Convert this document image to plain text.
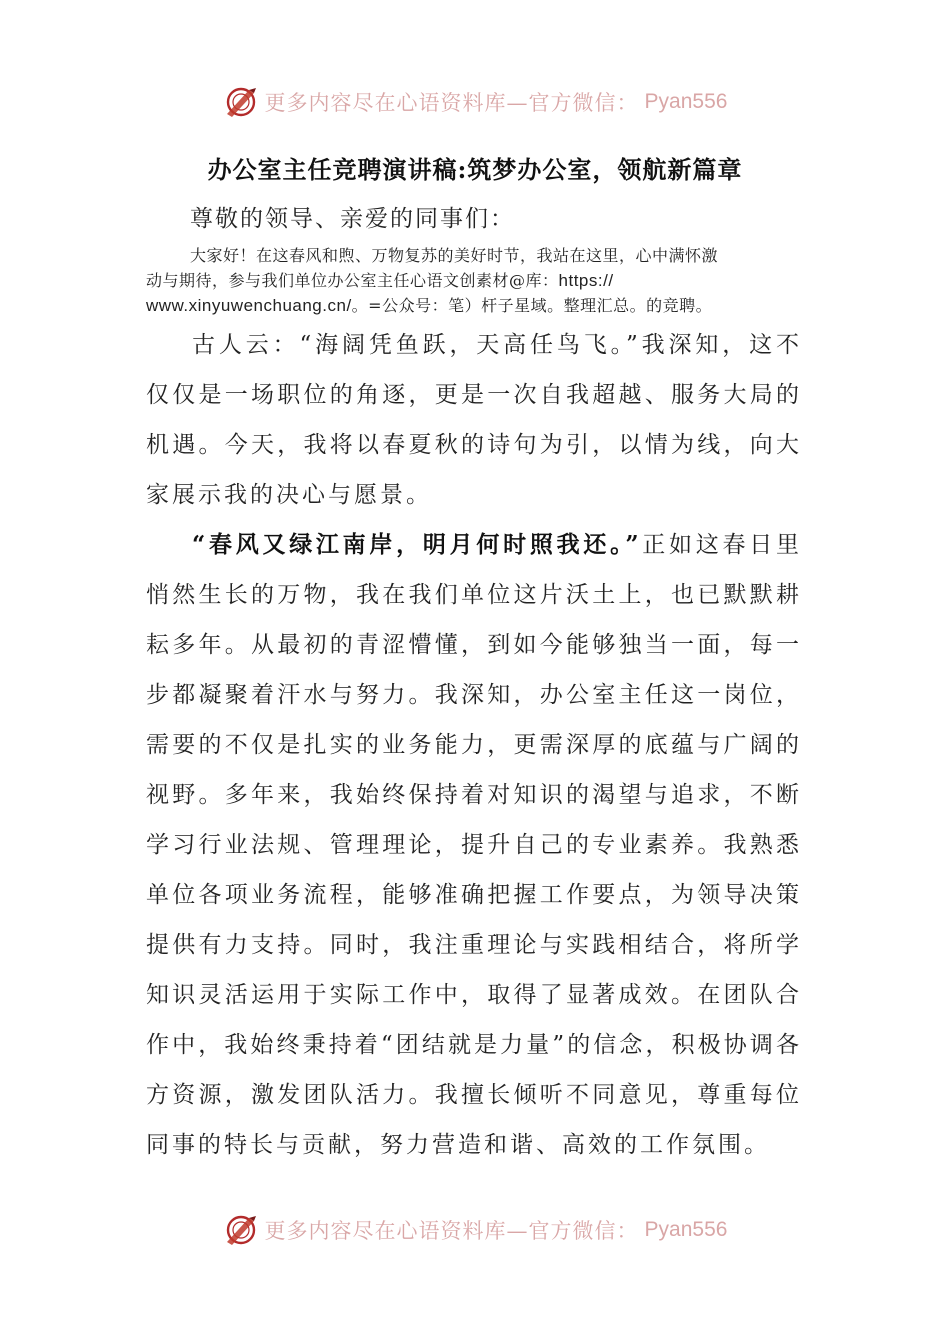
更多内容尽在心语资料库—官方微信： Pyan556
办公室主任竞聘演讲稿:筑梦办公室，领航新篇章
尊敬的领导、亲爱的同事们：
大家好！在这春风和煦、万物复苏的美好时节，我站在这里，心中满怀激
动与期待，参与我们单位办公室主任心语文创素材@库：https://
www.xinyuwenchuang.cn/。=公众号：笔）杆子星域。整理汇总。的竞聘。

古人云：“海阔凭鱼跃，天高任鸟飞。”我深知，这不仅仅是一场职位的角逐，更是一次自我超越、服务大局的机遇。今天，我将以春夏秋的诗句为引，以情为线，向大家展示我的决心与愿景。

“春风又绿江南岸，明月何时照我还。”正如这春日里悄然生长的万物，我在我们单位这片沃土上，也已默默耕耘多年。从最初的青涩懵懂，到如今能够独当一面，每一步都凝聚着汗水与努力。我深知，办公室主任这一岗位，需要的不仅是扎实的业务能力，更需深厚的底蕴与广阔的视野。多年来，我始终保持着对知识的渴望与追求，不断学习行业法规、管理理论，提升自己的专业素养。我熟悉单位各项业务流程，能够准确把握工作要点，为领导决策提供有力支持。同时，我注重理论与实践相结合，将所学知识灵活运用于实际工作中，取得了显著成效。在团队合作中，我始终秉持着“团结就是力量”的信念，积极协调各方资源，激发团队活力。我擅长倾听不同意见，尊重每位同事的特长与贡献，努力营造和谐、高效的工作氛围。

更多内容尽在心语资料库—官方微信： Pyan556
